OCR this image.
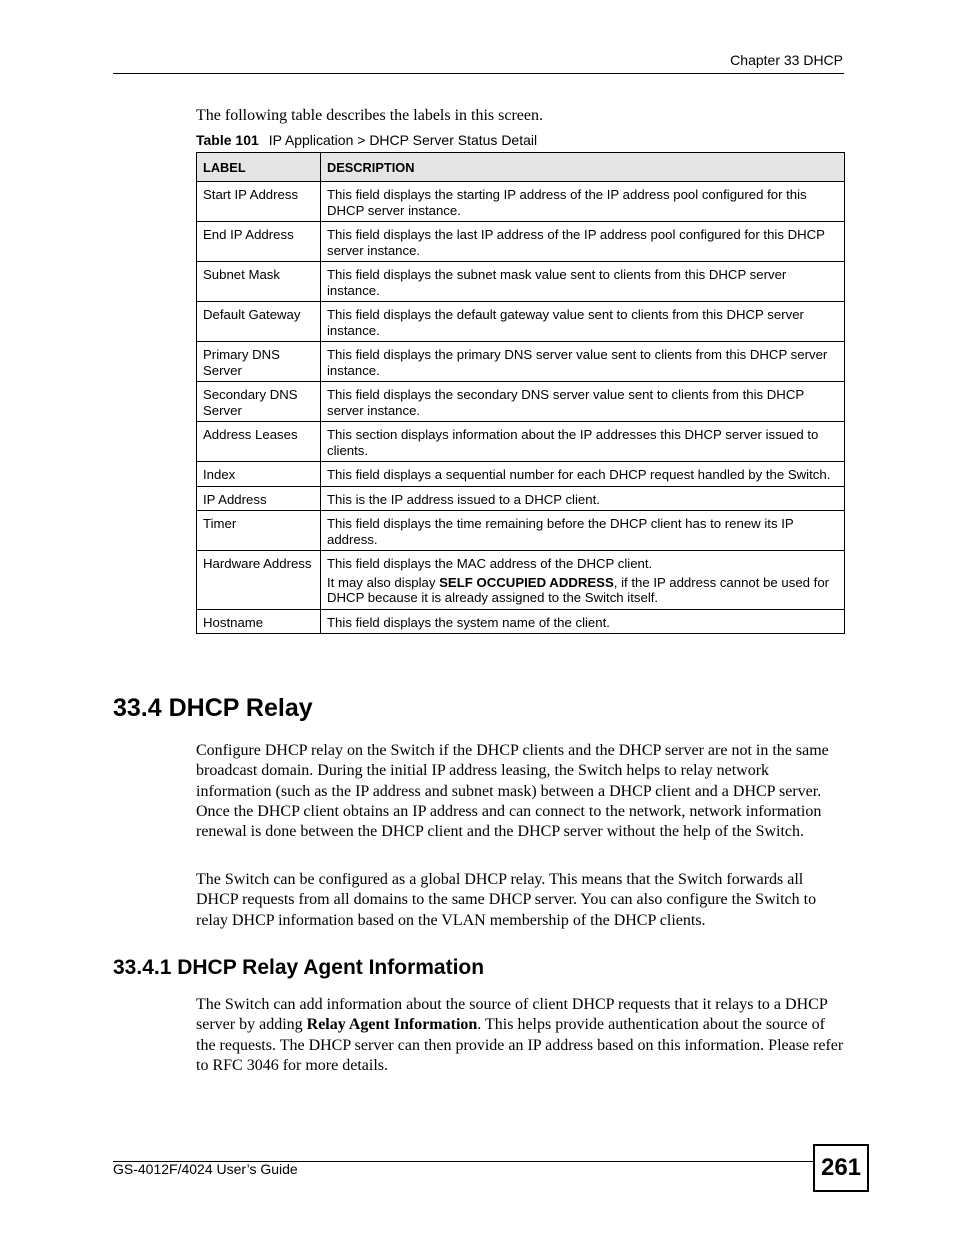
Chapter 33 DHCP
The following table describes the labels in this screen.
Table 101 IP Application > DHCP Server Status Detail
LABEL	DESCRIPTION
Start IP Address	This field displays the starting IP address of the IP address pool configured for this DHCP server instance.
End IP Address	This field displays the last IP address of the IP address pool configured for this DHCP server instance.
Subnet Mask	This field displays the subnet mask value sent to clients from this DHCP server instance.
Default Gateway	This field displays the default gateway value sent to clients from this DHCP server instance.
Primary DNS Server	This field displays the primary DNS server value sent to clients from this DHCP server instance.
Secondary DNS Server	This field displays the secondary DNS server value sent to clients from this DHCP server instance.
Address Leases	This section displays information about the IP addresses this DHCP server issued to clients.
Index	This field displays a sequential number for each DHCP request handled by the Switch.
IP Address	This is the IP address issued to a DHCP client.
Timer	This field displays the time remaining before the DHCP client has to renew its IP address.
Hardware Address	This field displays the MAC address of the DHCP client.

It may also display SELF OCCUPIED ADDRESS, if the IP address cannot be used for DHCP because it is already assigned to the Switch itself.

Hostname	This field displays the system name of the client.
33.4 DHCP Relay

Configure DHCP relay on the Switch if the DHCP clients and the DHCP server are not in the same broadcast domain. During the initial IP address leasing, the Switch helps to relay network information (such as the IP address and subnet mask) between a DHCP client and a DHCP server. Once the DHCP client obtains an IP address and can connect to the network, network information renewal is done between the DHCP client and the DHCP server without the help of the Switch.

The Switch can be configured as a global DHCP relay. This means that the Switch forwards all DHCP requests from all domains to the same DHCP server. You can also configure the Switch to relay DHCP information based on the VLAN membership of the DHCP clients.

33.4.1 DHCP Relay Agent Information

The Switch can add information about the source of client DHCP requests that it relays to a DHCP server by adding Relay Agent Information. This helps provide authentication about the source of the requests. The DHCP server can then provide an IP address based on this information. Please refer to RFC 3046 for more details.

GS-4012F/4024 User’s Guide	261
